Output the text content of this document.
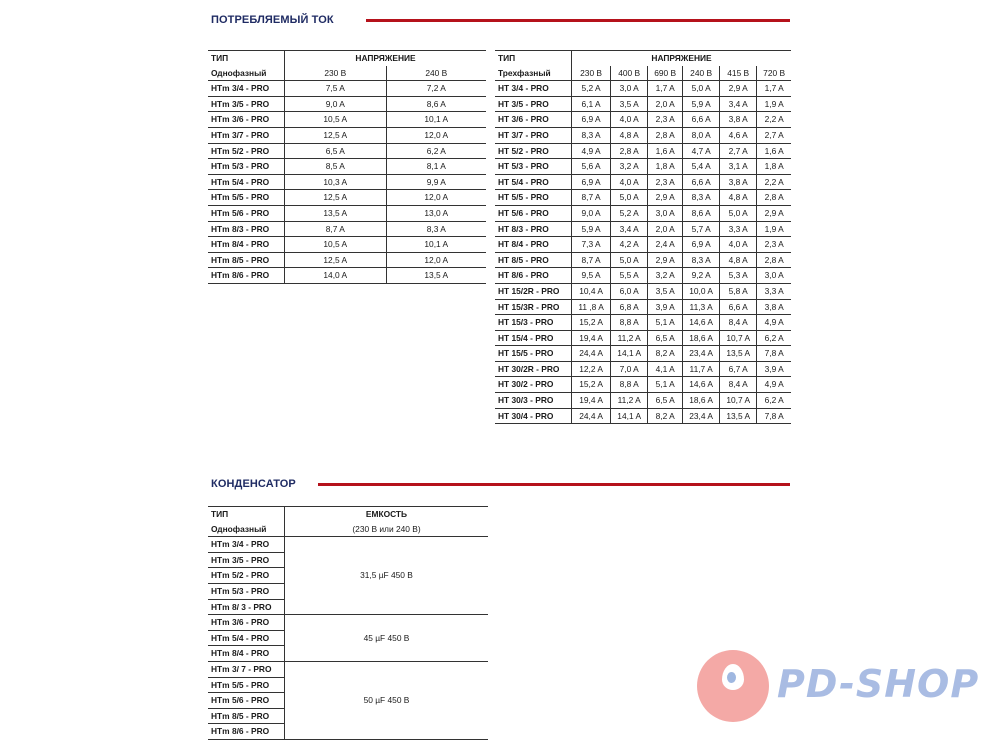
ПОТРЕБЛЯЕМЫЙ ТОК
ТИП	НАПРЯЖЕНИЕ	
Однофазный	230 В	240 В
HTm 3/4 - PRO	7,5 A	7,2 A
HTm 3/5 - PRO	9,0 A	8,6 A
HTm 3/6 - PRO	10,5 A	10,1 A
HTm 3/7 - PRO	12,5 A	12,0 A
HTm 5/2 - PRO	6,5 A	6,2 A
HTm 5/3 - PRO	8,5 A	8,1 A
HTm 5/4 - PRO	10,3 A	9,9 A
HTm 5/5 - PRO	12,5 A	12,0 A
HTm 5/6 - PRO	13,5 A	13,0 A
HTm 8/3 - PRO	8,7 A	8,3 A
HTm 8/4 - PRO	10,5 A	10,1 A
HTm 8/5 - PRO	12,5 A	12,0 A
HTm 8/6 - PRO	14,0 A	13,5 A
ТИП	НАПРЯЖЕНИЕ					
Трехфазный	230 В	400 В	690 В	240 В	415 В	720 В
HT 3/4 - PRO	5,2 A	3,0 A	1,7 A	5,0 A	2,9 A	1,7 A
HT 3/5 - PRO	6,1 A	3,5 A	2,0 A	5,9 A	3,4 A	1,9 A
HT 3/6 - PRO	6,9 A	4,0 A	2,3 A	6,6 A	3,8 A	2,2 A
HT 3/7 - PRO	8,3 A	4,8 A	2,8 A	8,0 A	4,6 A	2,7 A
HT 5/2 - PRO	4,9 A	2,8 A	1,6 A	4,7 A	2,7 A	1,6 A
HT 5/3 - PRO	5,6 A	3,2 A	1,8 A	5,4 A	3,1 A	1,8 A
HT 5/4 - PRO	6,9 A	4,0 A	2,3 A	6,6 A	3,8 A	2,2 A
HT 5/5 - PRO	8,7 A	5,0 A	2,9 A	8,3 A	4,8 A	2,8 A
HT 5/6 - PRO	9,0 A	5,2 A	3,0 A	8,6 A	5,0 A	2,9 A
HT 8/3 - PRO	5,9 A	3,4 A	2,0 A	5,7 A	3,3 A	1,9 A
HT 8/4 - PRO	7,3 A	4,2 A	2,4 A	6,9 A	4,0 A	2,3 A
HT 8/5 - PRO	8,7 A	5,0 A	2,9 A	8,3 A	4,8 A	2,8 A
HT 8/6 - PRO	9,5 A	5,5 A	3,2 A	9,2 A	5,3 A	3,0 A
HT 15/2R - PRO	10,4 A	6,0 A	3,5 A	10,0 A	5,8 A	3,3 A
HT 15/3R - PRO	11 ,8 A	6,8 A	3,9 A	11,3 A	6,6 A	3,8 A
HT 15/3 - PRO	15,2 A	8,8 A	5,1 A	14,6 A	8,4 A	4,9 A
HT 15/4 - PRO	19,4 A	11,2 A	6,5 A	18,6 A	10,7 A	6,2 A
HT 15/5 - PRO	24,4 A	14,1 A	8,2 A	23,4 A	13,5 A	7,8 A
HT 30/2R - PRO	12,2 A	7,0 A	4,1 A	11,7 A	6,7 A	3,9 A
HT 30/2 - PRO	15,2 A	8,8 A	5,1 A	14,6 A	8,4 A	4,9 A
HT 30/3 - PRO	19,4 A	11,2 A	6,5 A	18,6 A	10,7 A	6,2 A
HT 30/4 - PRO	24,4 A	14,1 A	8,2 A	23,4 A	13,5 A	7,8 A
КОНДЕНСАТОР
ТИП	ЕМКОСТЬ
Однофазный	(230 В или 240 В)
HTm 3/4 - PRO	31,5 µF 450 В
HTm 3/5 - PRO	
HTm 5/2 - PRO	
HTm 5/3 - PRO	
HTm 8/ 3 - PRO	
HTm 3/6 - PRO	45 µF 450 В
HTm 5/4 - PRO	
HTm 8/4 - PRO	
HTm 3/ 7 - PRO	50 µF 450 В
HTm 5/5 - PRO	
HTm 5/6 - PRO	
HTm 8/5 - PRO	
HTm 8/6 - PRO	
PD-SHOP
